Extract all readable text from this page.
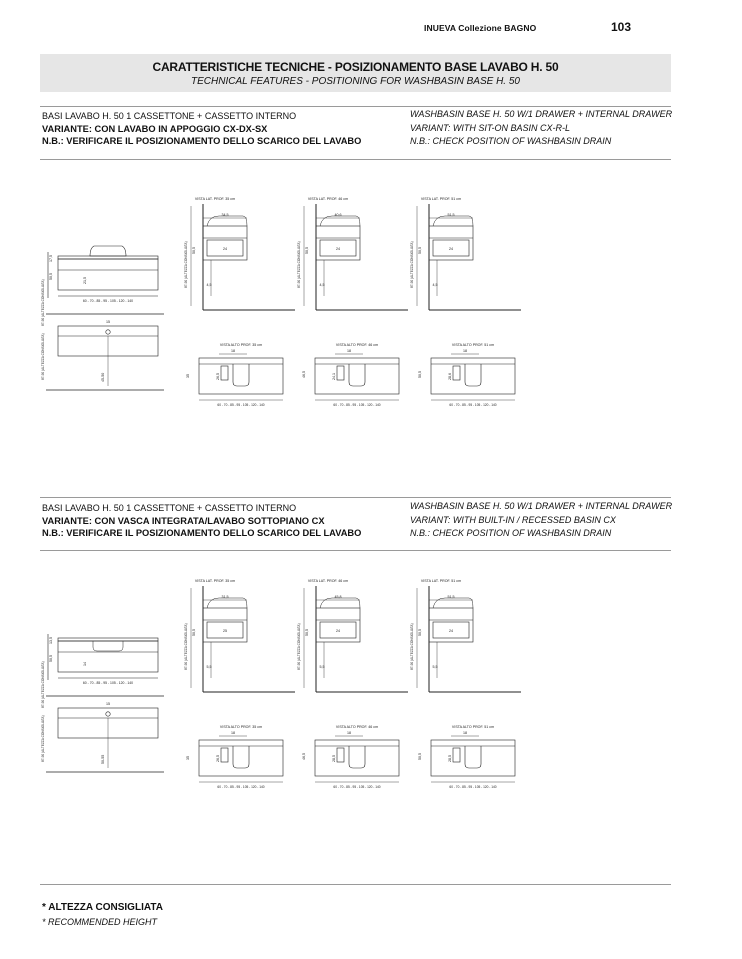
INUEVA Collezione BAGNO	103
CARATTERISTICHE TECNICHE - POSIZIONAMENTO BASE LAVABO H. 50
TECHNICAL FEATURES - POSITIONING FOR WASHBASIN BASE H. 50
BASI LAVABO H. 50 1 CASSETTONE + CASSETTO INTERNO
VARIANTE: CON LAVABO IN APPOGGIO CX-DX-SX
N.B.: VERIFICARE IL POSIZIONAMENTO DELLO SCARICO DEL LAVABO
WASHBASIN BASE H. 50 W/1 DRAWER + INTERNAL DRAWER
VARIANT: WITH SIT-ON BASIN CX-R-L
N.B.: CHECK POSITION OF WASHBASIN DRAIN
BASI LAVABO H. 50 1 CASSETTONE + CASSETTO INTERNO
VARIANTE: CON VASCA INTEGRATA/LAVABO SOTTOPIANO CX
N.B.: VERIFICARE IL POSIZIONAMENTO DELLO SCARICO DEL LAVABO
WASHBASIN BASE H. 50 W/1 DRAWER + INTERNAL DRAWER
VARIANT: WITH BUILT-IN / RECESSED BASIN CX
N.B.: CHECK POSITION OF WASHBASIN DRAIN
60 - 70 - 85 - 95 - 105 - 120 - 140
87-90 (ALTEZZA CONSIGLIATA)
50,5
21,5
17,5
15
45-50
87-90 (ALTEZZA CONSIGLIATA)
VISTA LAT. PROF. 35 cm
34,5
50,5
87-90 (ALTEZZA CONSIGLIATA)	24
4,5
VISTA LAT. PROF. 46 cm
40,6
50,5
87-90 (ALTEZZA CONSIGLIATA)	24
4,5
VISTA LAT. PROF. 51 cm
51,5
50,5
87-90 (ALTEZZA CONSIGLIATA)	24
4,5
VISTA ALTO PROF. 35 cm
18
35	26,5
60 - 70 - 85 - 95 - 105 - 120 - 140
VISTA ALTO PROF. 46 cm
18
46,5	24,1
60 - 70 - 85 - 95 - 105 - 120 - 140
VISTA ALTO PROF. 51 cm
18
50,5	28,6
60 - 70 - 85 - 95 - 105 - 120 - 140
60 - 70 - 85 - 95 - 105 - 120 - 140
87-90 (ALTEZZA CONSIGLIATA)
50,5
14
13,5
15
50-55
87-90 (ALTEZZA CONSIGLIATA)
VISTA LAT. PROF. 35 cm
31,5
50,5
87-90 (ALTEZZA CONSIGLIATA)	25
5,5
VISTA LAT. PROF. 46 cm
45,8
50,5
87-90 (ALTEZZA CONSIGLIATA)	24
5,5
VISTA LAT. PROF. 51 cm
51,5
50,5
87-90 (ALTEZZA CONSIGLIATA)	24
5,5
VISTA ALTO PROF. 35 cm
18
35	26,5
60 - 70 - 85 - 95 - 105 - 120 - 140
VISTA ALTO PROF. 46 cm
18
46,5	28,5
60 - 70 - 85 - 95 - 105 - 120 - 140
VISTA ALTO PROF. 51 cm
18
50,5	28,5
60 - 70 - 85 - 95 - 105 - 120 - 140
* ALTEZZA CONSIGLIATA
* RECOMMENDED HEIGHT
